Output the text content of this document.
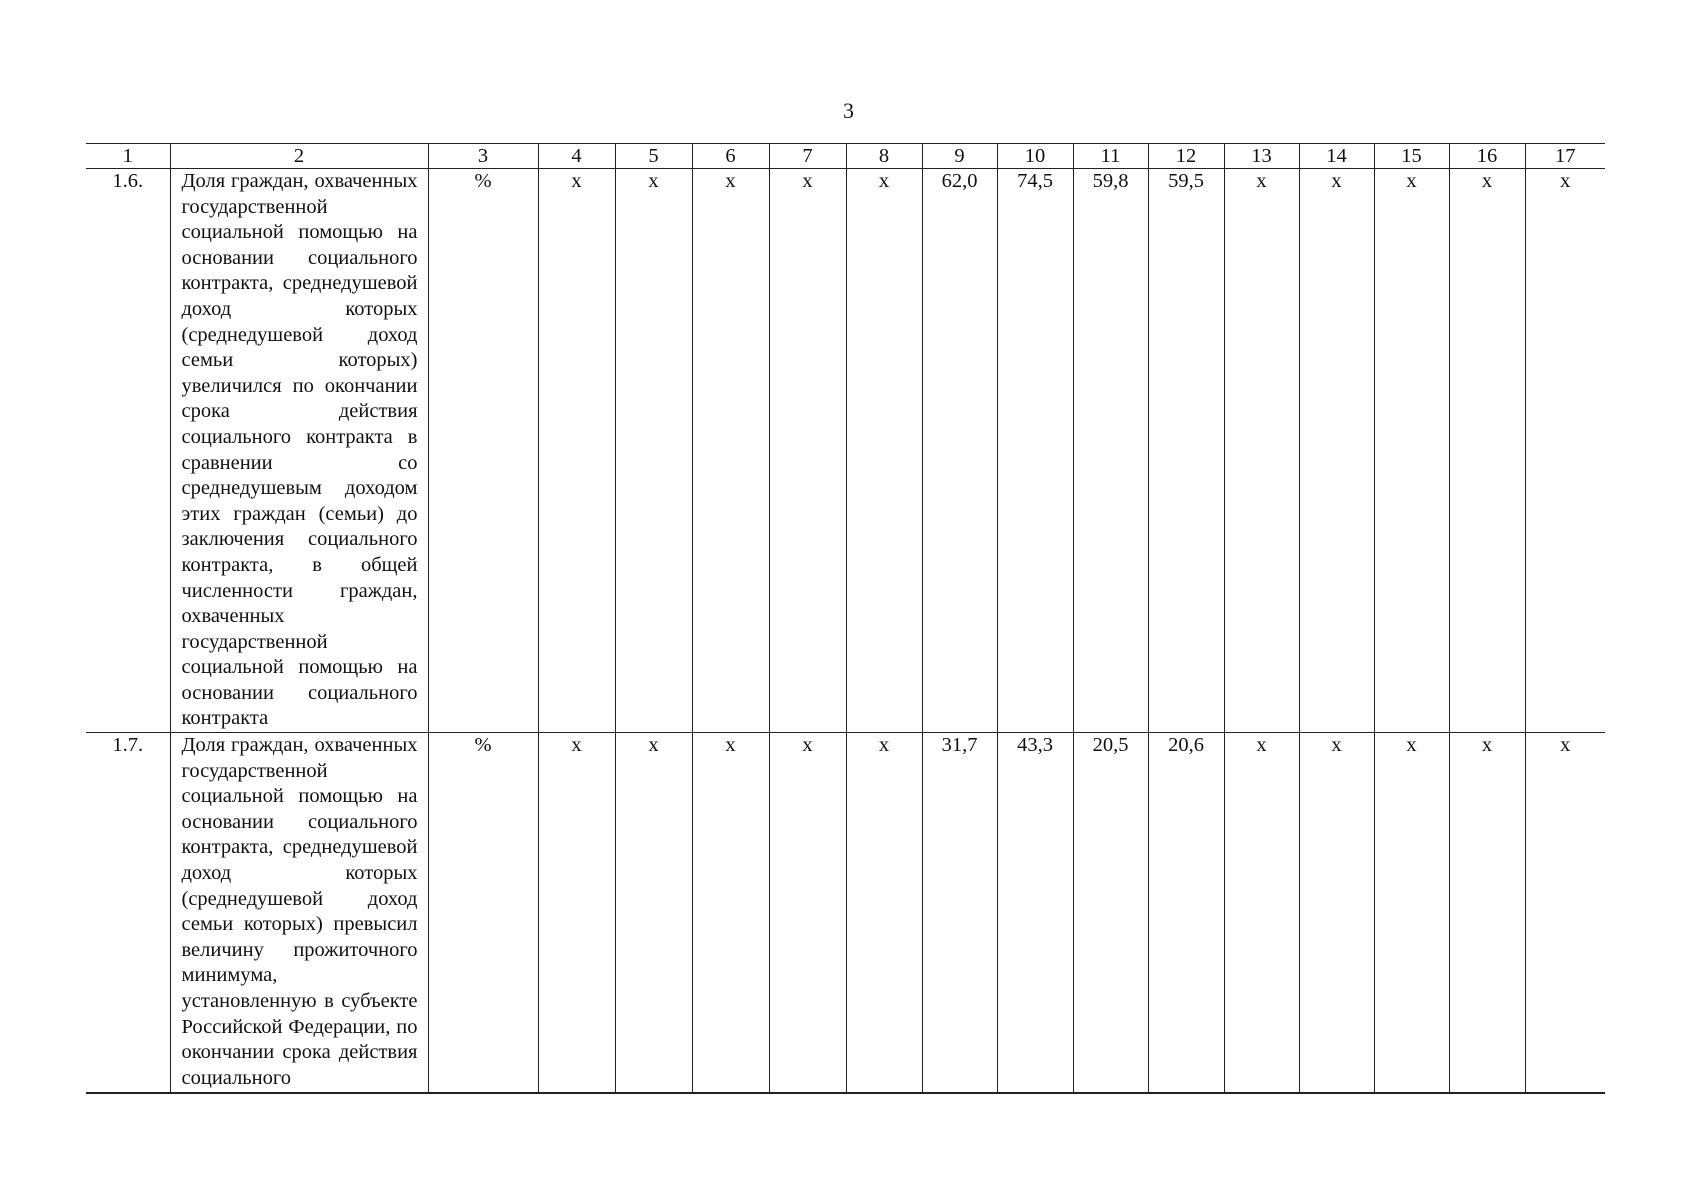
3
1	2	3	4	5	6	7	8	9	10	11	12	13	14	15	16	17
1.6.	Доля граждан, охваченных государственной социальной помощью на основании социального контракта, среднедушевой доход которых (среднедушевой доход семьи которых) увеличился по окончании срока действия социального контракта в сравнении со среднедушевым доходом этих граждан (семьи) до заключения социального контракта, в общей численности граждан, охваченных государственной социальной помощью на основании социального контракта	%	х	х	х	х	х	62,0	74,5	59,8	59,5	х	х	х	х	х
1.7.	Доля граждан, охваченных государственной социальной помощью на основании социального контракта, среднедушевой доход которых (среднедушевой доход семьи которых) превысил величину прожиточного минимума, установленную в субъекте Российской Федерации, по окончании срока действия социального	%	х	х	х	х	х	31,7	43,3	20,5	20,6	х	х	х	х	х
